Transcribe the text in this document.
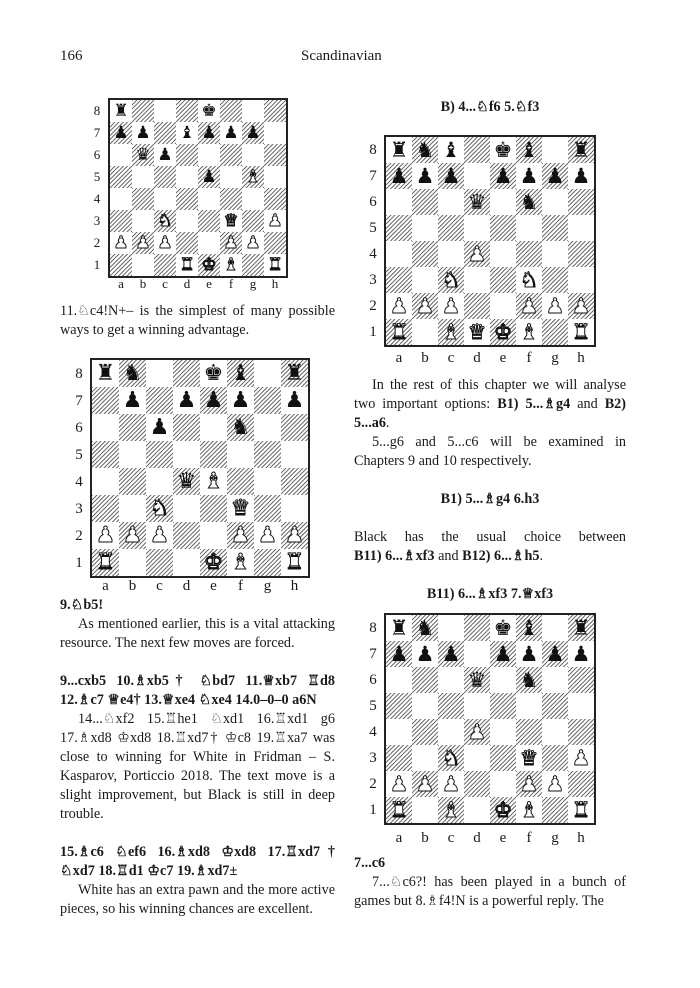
166	Scandinavian

11.♘c4!N+– is the simplest of many possible ways to get a winning advantage.

9.♘b5!

As mentioned earlier, this is a vital attacking resource. The next few moves are forced.

9...cxb5 10.♗xb5† ♘bd7 11.♕xb7 ♖d8

12.♗c7 ♕e4† 13.♕xe4 ♘xe4 14.0–0–0 a6N

14...♘xf2 15.♖he1 ♘xd1 16.♖xd1 g6 17.♗xd8 ♔xd8 18.♖xd7† ♔c8 19.♖xa7 was close to winning for White in Fridman – S. Kasparov, Porticcio 2018. The text move is a slight improvement, but Black is still in deep trouble.

15.♗c6 ♘ef6 16.♗xd8 ♔xd8 17.♖xd7†

♘xd7 18.♖d1 ♔c7 19.♗xd7±

White has an extra pawn and the more active pieces, so his winning chances are excellent.

B) 4...♘f6 5.♘f3

In the rest of this chapter we will analyse two important options: B1) 5...♗g4 and B2) 5...a6.

5...g6 and 5...c6 will be examined in Chapters 9 and 10 respectively.

B1) 5...♗g4 6.h3

Black has the usual choice between

B11) 6...♗xf3 and B12) 6...♗h5.

B11) 6...♗xf3 7.♕xf3

7...c6

7...♘c6?! has been played in a bunch of games but 8.♗f4!N is a powerful reply. The

♜	♚
♟ ♟ ♝ ♟ ♟ ♟
♛ ♟
♟ ♝
♞	♛ ♟
♟ ♟ ♟	♟ ♟
♜ ♚ ♝ ♜
8
7
6
5
4
3
2
1
a	b	c	d	e	f	g	h
♜ ♞	♚ ♝ ♜
♟ ♟ ♟ ♟ ♟
♟	♞
♛ ♝
♞	♛
♟ ♟ ♟	♟ ♟ ♟
♜	♚ ♝ ♜
8
7
6
5
4
3
2
1
a	b	c	d	e	f	g	h
♜ ♞ ♝ ♚ ♝ ♜
♟ ♟ ♟ ♟ ♟ ♟ ♟
♛ ♞
♟
♞	♞
♟ ♟ ♟	♟ ♟ ♟
♜ ♝ ♛ ♚ ♝ ♜
8
7
6
5
4
3
2
1
a	b	c	d	e	f	g	h
♜ ♞	♚ ♝ ♜
♟ ♟ ♟ ♟ ♟ ♟ ♟
♛ ♞
♟
♞	♛ ♟
♟ ♟ ♟	♟ ♟
♜ ♝ ♚ ♝ ♜
8
7
6
5
4
3
2
1
a	b	c	d	e	f	g	h
